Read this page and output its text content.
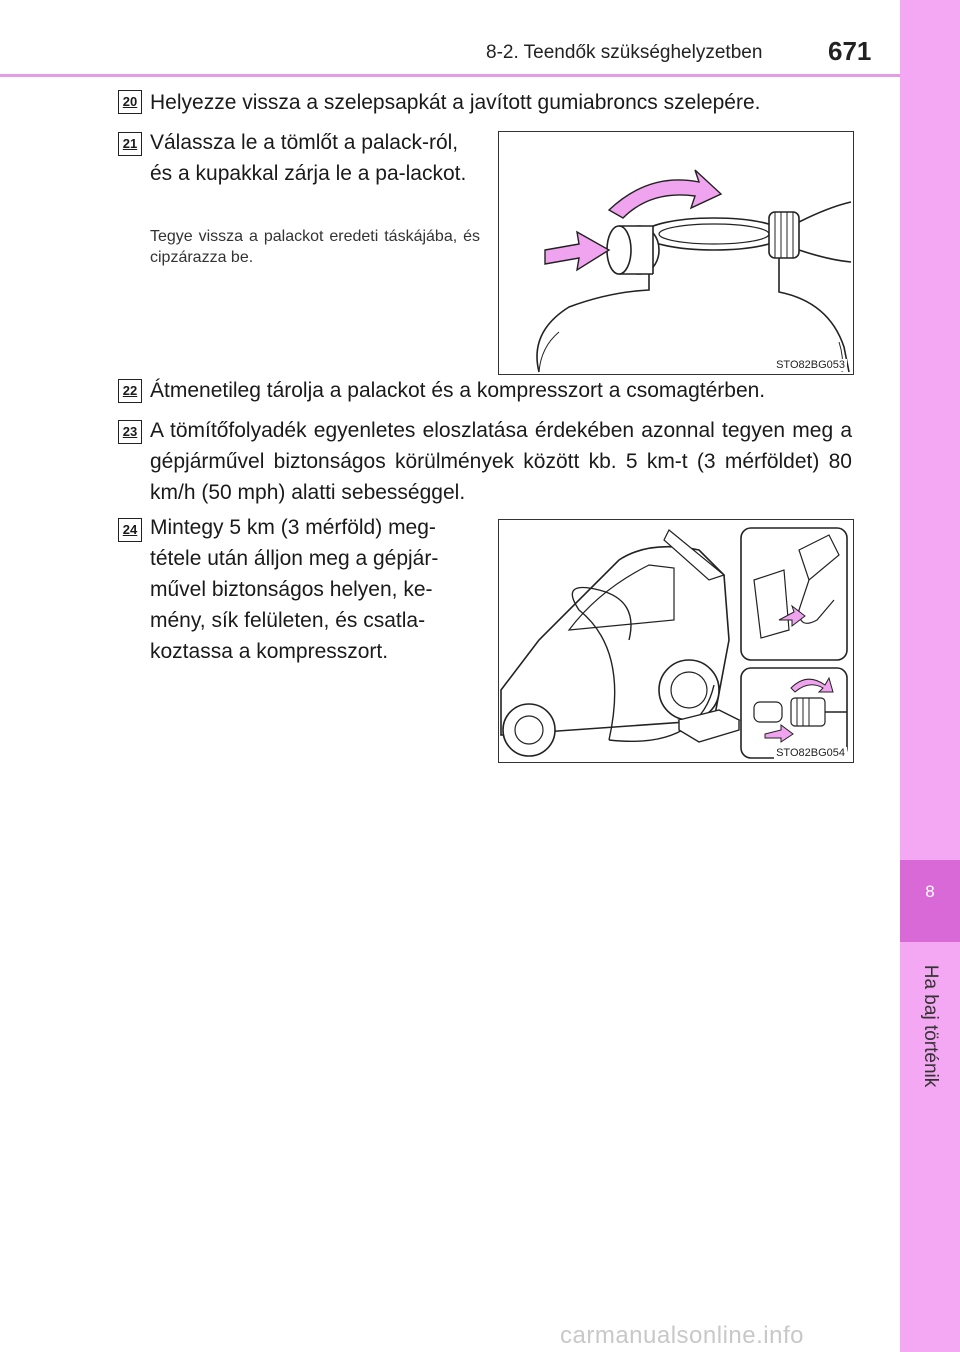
8-2. Teendők szükséghelyzetben	671
8
Ha baj történik
20 Helyezze vissza a szelepsapkát a javított gumiabroncs szelepére.
21 Válassza le a tömlőt a palack-ról, és a kupakkal zárja le a pa-lackot.
Tegye vissza a palackot eredeti táskájába, és cipzárazza be.
STO82BG053
22 Átmenetileg tárolja a palackot és a kompresszort a csomagtérben.
23 A tömítőfolyadék egyenletes eloszlatása érdekében azonnal tegyen meg a gépjárművel biztonságos körülmények között kb. 5 km-t (3 mérföldet) 80 km/h (50 mph) alatti sebességgel.
24 Mintegy 5 km (3 mérföld) meg-tétele után álljon meg a gépjár-művel biztonságos helyen, ke-mény, sík felületen, és csatla-koztassa a kompresszort.
STO82BG054
carmanualsonline.info
